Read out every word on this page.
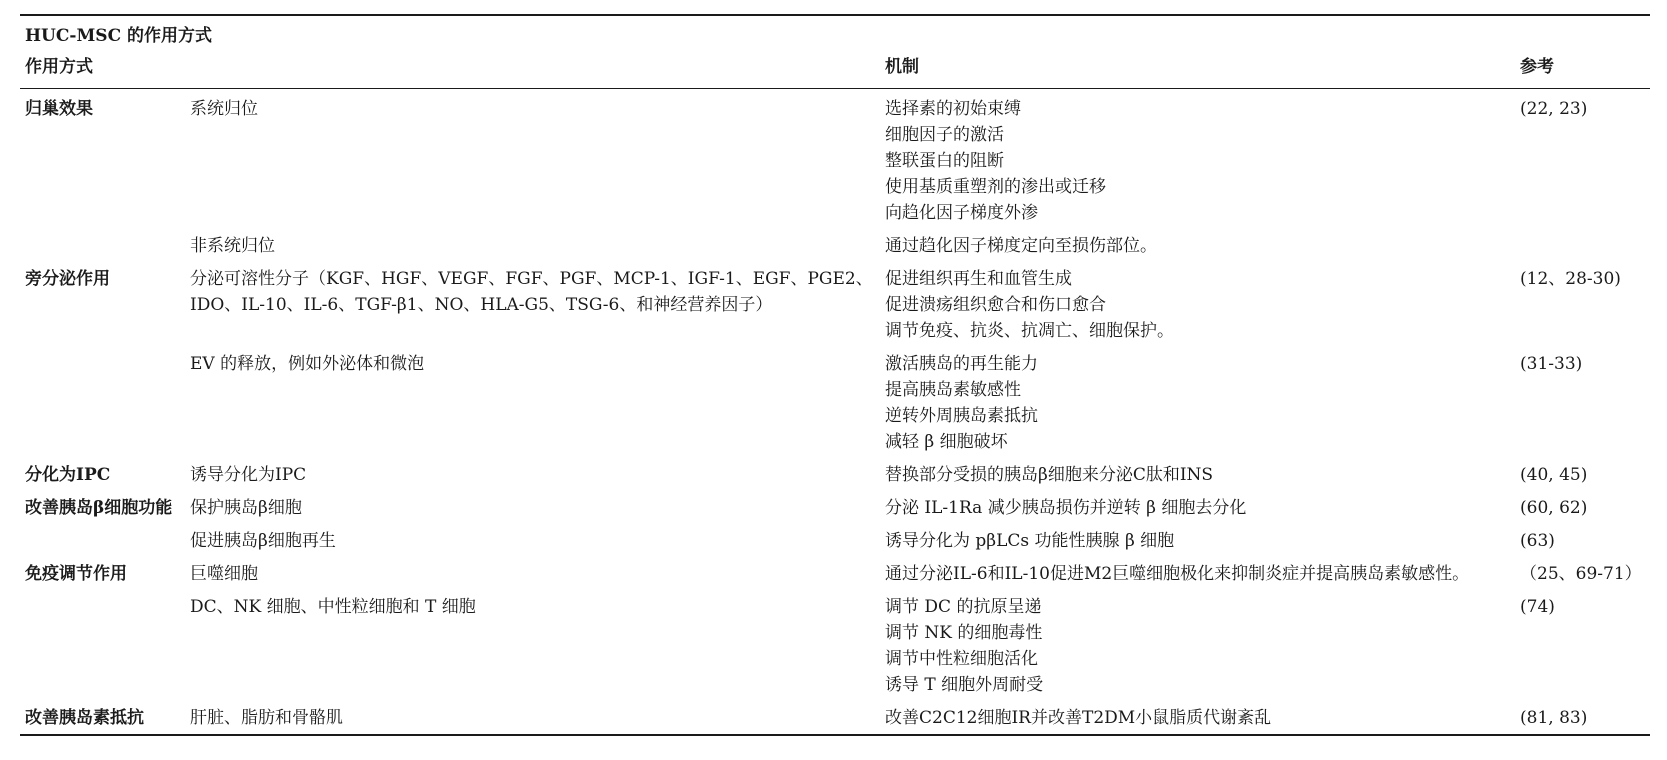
HUC-MSC 的作用方式			
作用方式		机制	参考
归巢效果	系统归位	选择素的初始束缚
细胞因子的激活
整联蛋白的阻断
使用基质重塑剂的渗出或迁移
向趋化因子梯度外渗	(22, 23)
	非系统归位	通过趋化因子梯度定向至损伤部位。	

旁分泌作用	分泌可溶性分子（KGF、HGF、VEGF、FGF、PGF、MCP-1、IGF-1、EGF、PGE2、IDO、IL-10、IL-6、TGF-β1、NO、HLA-G5、TSG-6、和神经营养因子）	促进组织再生和血管生成
促进溃疡组织愈合和伤口愈合
调节免疫、抗炎、抗凋亡、细胞保护。	(12、28-30)
	EV 的释放，例如外泌体和微泡	激活胰岛的再生能力
提高胰岛素敏感性
逆转外周胰岛素抵抗
减轻 β 细胞破坏	(31-33)
分化为IPC	诱导分化为IPC	替换部分受损的胰岛β细胞来分泌C肽和INS	(40, 45)
改善胰岛β细胞功能	保护胰岛β细胞	分泌 IL-1Ra 减少胰岛损伤并逆转 β 细胞去分化	(60, 62)
	促进胰岛β细胞再生	诱导分化为 pβLCs 功能性胰腺 β 细胞	(63)
免疫调节作用	巨噬细胞	通过分泌IL-6和IL-10促进M2巨噬细胞极化来抑制炎症并提高胰岛素敏感性。	（25、69-71）
	DC、NK 细胞、中性粒细胞和 T 细胞	调节 DC 的抗原呈递
调节 NK 的细胞毒性
调节中性粒细胞活化
诱导 T 细胞外周耐受	(74)
改善胰岛素抵抗	肝脏、脂肪和骨骼肌	改善C2C12细胞IR并改善T2DM小鼠脂质代谢紊乱	(81, 83)
